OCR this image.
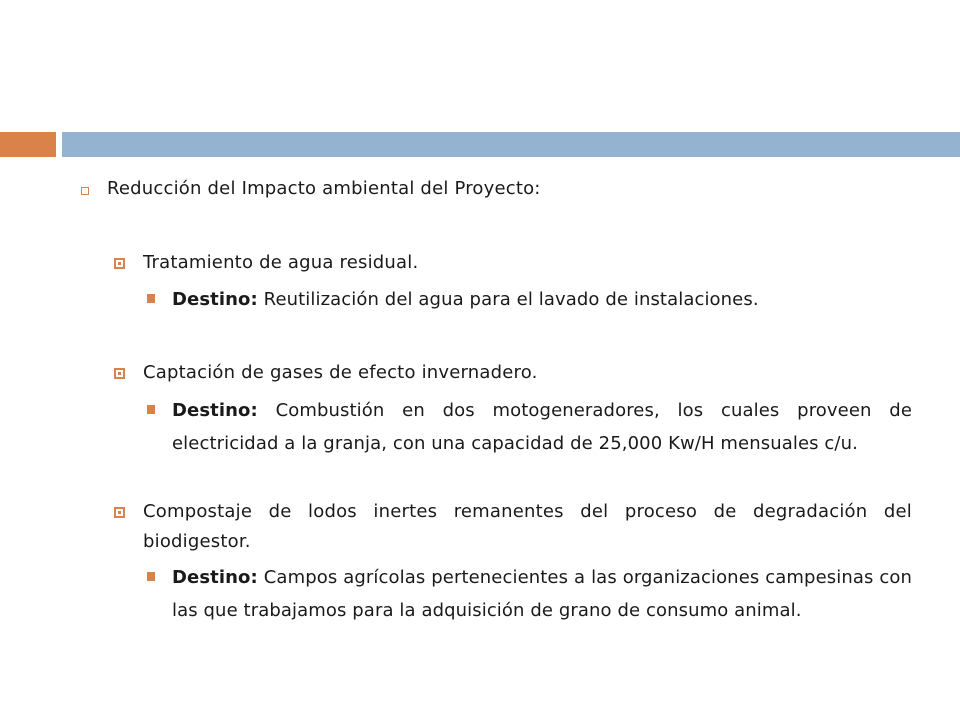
Reducción del Impacto ambiental del Proyecto:
Tratamiento de agua residual.
Destino: Reutilización del agua para el lavado de instalaciones.
Captación de gases de efecto invernadero.
Destino: Combustión en dos motogeneradores, los cuales proveen de electricidad a la granja, con una capacidad de 25,000 Kw/H mensuales c/u.
Compostaje de lodos inertes remanentes del proceso de degradación del biodigestor.
Destino: Campos agrícolas pertenecientes a las organizaciones campesinas con las que trabajamos para la adquisición de grano de consumo animal.
